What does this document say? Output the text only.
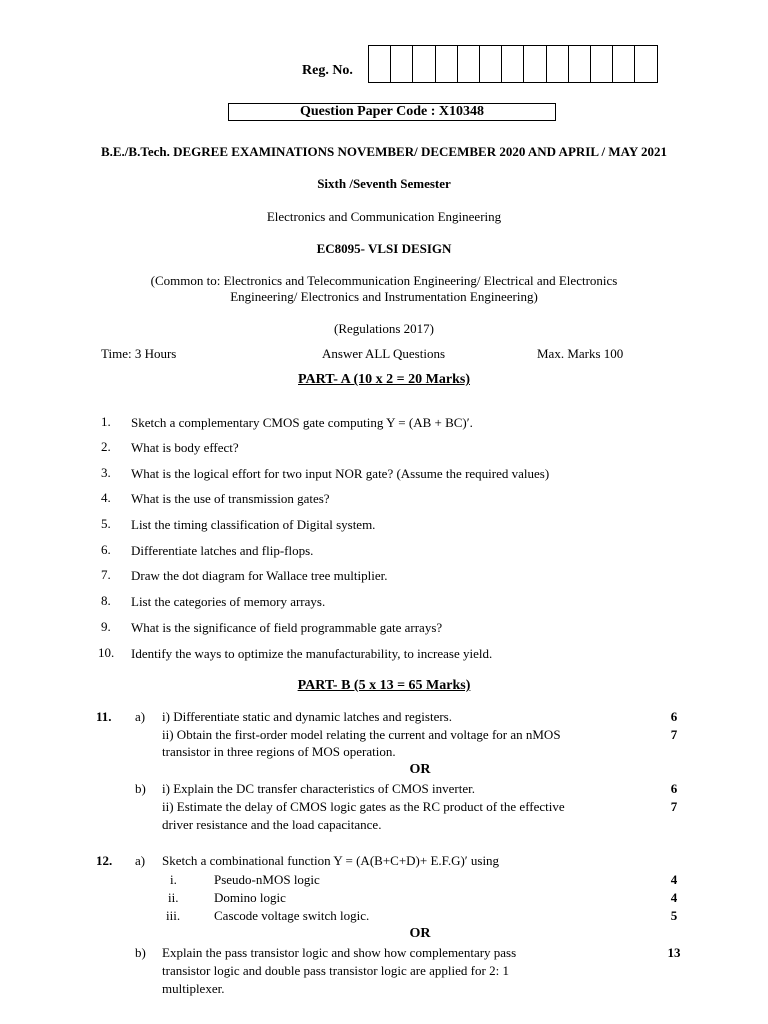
Reg. No.
Question Paper Code : X10348
B.E./B.Tech. DEGREE EXAMINATIONS NOVEMBER/ DECEMBER 2020 AND APRIL / MAY 2021
Sixth /Seventh Semester
Electronics and Communication Engineering
EC8095- VLSI DESIGN
(Common to: Electronics and Telecommunication Engineering/ Electrical and Electronics
Engineering/ Electronics and Instrumentation Engineering)
(Regulations 2017)
Time: 3 Hours	Answer ALL Questions	Max. Marks 100
PART- A (10 x 2 = 20 Marks)
1. Sketch a complementary CMOS gate computing Y = (AB + BC)′.
2. What is body effect?
3. What is the logical effort for two input NOR gate? (Assume the required values)
4. What is the use of transmission gates?
5. List the timing classification of Digital system.
6. Differentiate latches and flip-flops.
7. Draw the dot diagram for Wallace tree multiplier.
8. List the categories of memory arrays.
9. What is the significance of field programmable gate arrays?
10. Identify the ways to optimize the manufacturability, to increase yield.
PART- B (5 x 13 = 65 Marks)
11. a) i) Differentiate static and dynamic latches and registers.	6
ii) Obtain the first-order model relating the current and voltage for an nMOS	7
transistor in three regions of MOS operation.
OR
b) i) Explain the DC transfer characteristics of CMOS inverter.	6
ii) Estimate the delay of CMOS logic gates as the RC product of the effective	7
driver resistance and the load capacitance.
12. a) Sketch a combinational function Y = (A(B+C+D)+ E.F.G)′ using
i.	Pseudo-nMOS logic	4
ii.	Domino logic	4
iii.	Cascode voltage switch logic.	5
OR
b) Explain the pass transistor logic and show how complementary pass	13
transistor logic and double pass transistor logic are applied for 2: 1
multiplexer.
